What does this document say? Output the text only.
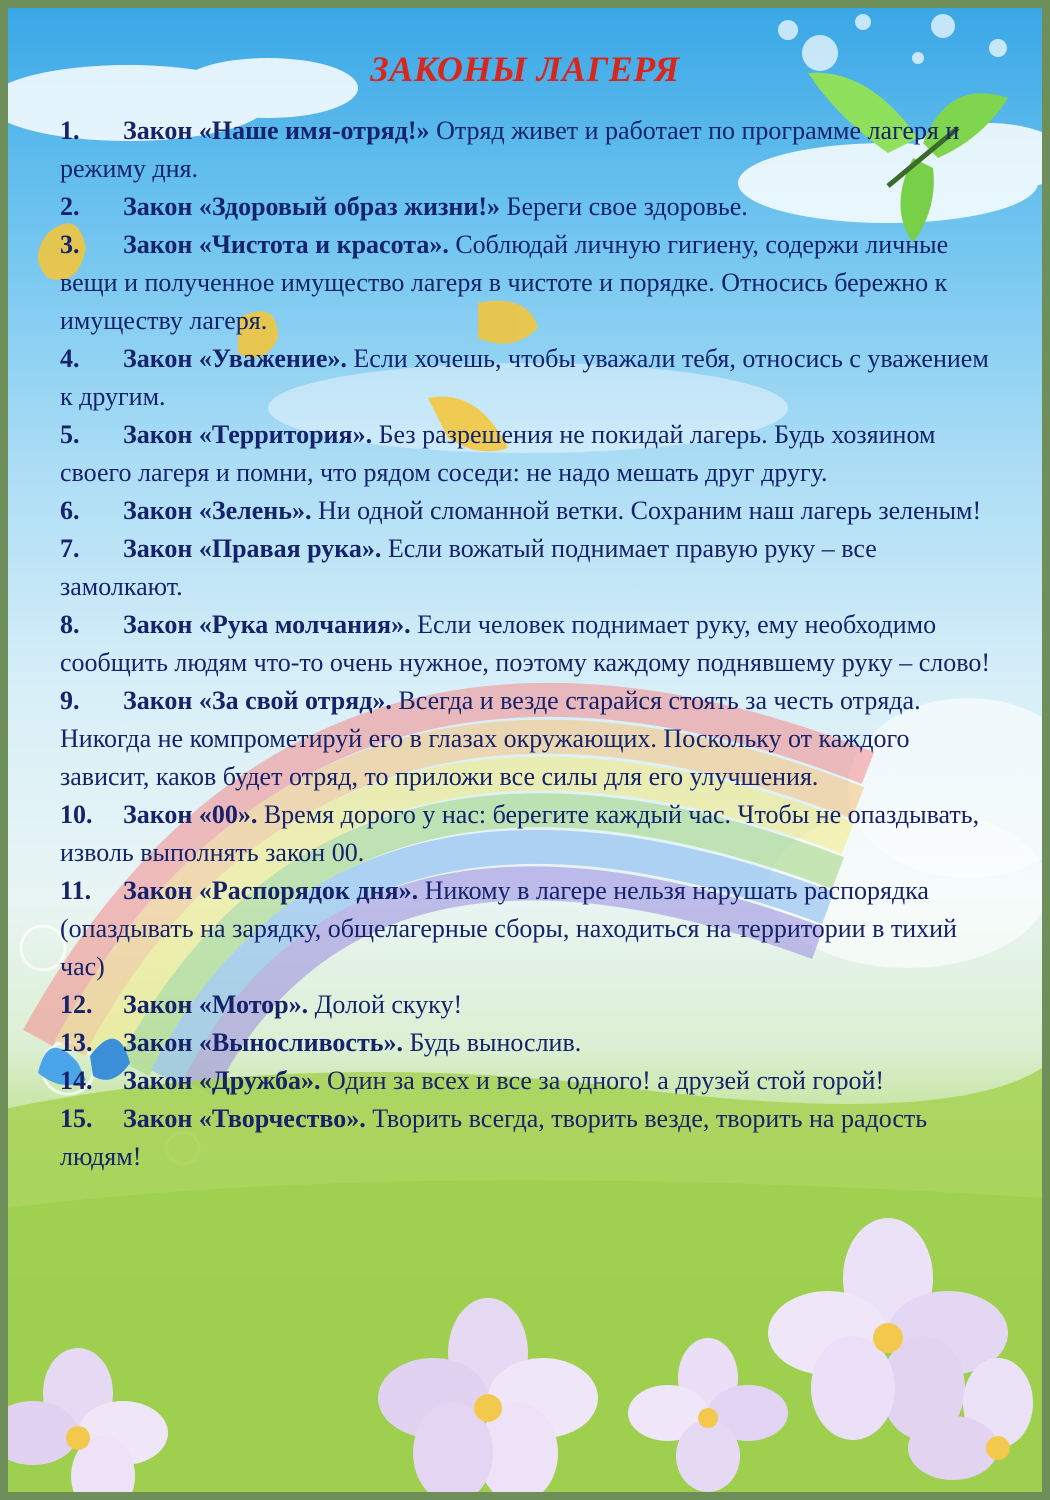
ЗАКОНЫ ЛАГЕРЯ

1. Закон «Наше имя-отряд!» Отряд живет и работает по программе лагеря и режиму дня.

2. Закон «Здоровый образ жизни!» Береги свое здоровье.

3. Закон «Чистота и красота». Соблюдай личную гигиену, содержи личные вещи и полученное имущество лагеря в чистоте и порядке. Относись бережно к имуществу лагеря.

4. Закон «Уважение». Если хочешь, чтобы уважали тебя, относись с уважением к другим.

5. Закон «Территория». Без разрешения не покидай лагерь. Будь хозяином своего лагеря и помни, что рядом соседи: не надо мешать друг другу.

6. Закон «Зелень». Ни одной сломанной ветки. Сохраним наш лагерь зеленым!

7. Закон «Правая рука». Если вожатый поднимает правую руку – все замолкают.

8. Закон «Рука молчания». Если человек поднимает руку, ему необходимо сообщить людям что-то очень нужное, поэтому каждому поднявшему руку – слово!

9. Закон «За свой отряд». Всегда и везде старайся стоять за честь отряда. Никогда не компрометируй его в глазах окружающих. Поскольку от каждого зависит, каков будет отряд, то приложи все силы для его улучшения.

10. Закон «00». Время дорого у нас: берегите каждый час. Чтобы не опаздывать, изволь выполнять закон 00.

11. Закон «Распорядок дня». Никому в лагере нельзя нарушать распорядка (опаздывать на зарядку, общелагерные сборы, находиться на территории в тихий час)

12. Закон «Мотор». Долой скуку!

13. Закон «Выносливость». Будь вынослив.

14. Закон «Дружба». Один за всех и все за одного! а друзей стой горой!

15. Закон «Творчество». Творить всегда, творить везде, творить на радость людям!
